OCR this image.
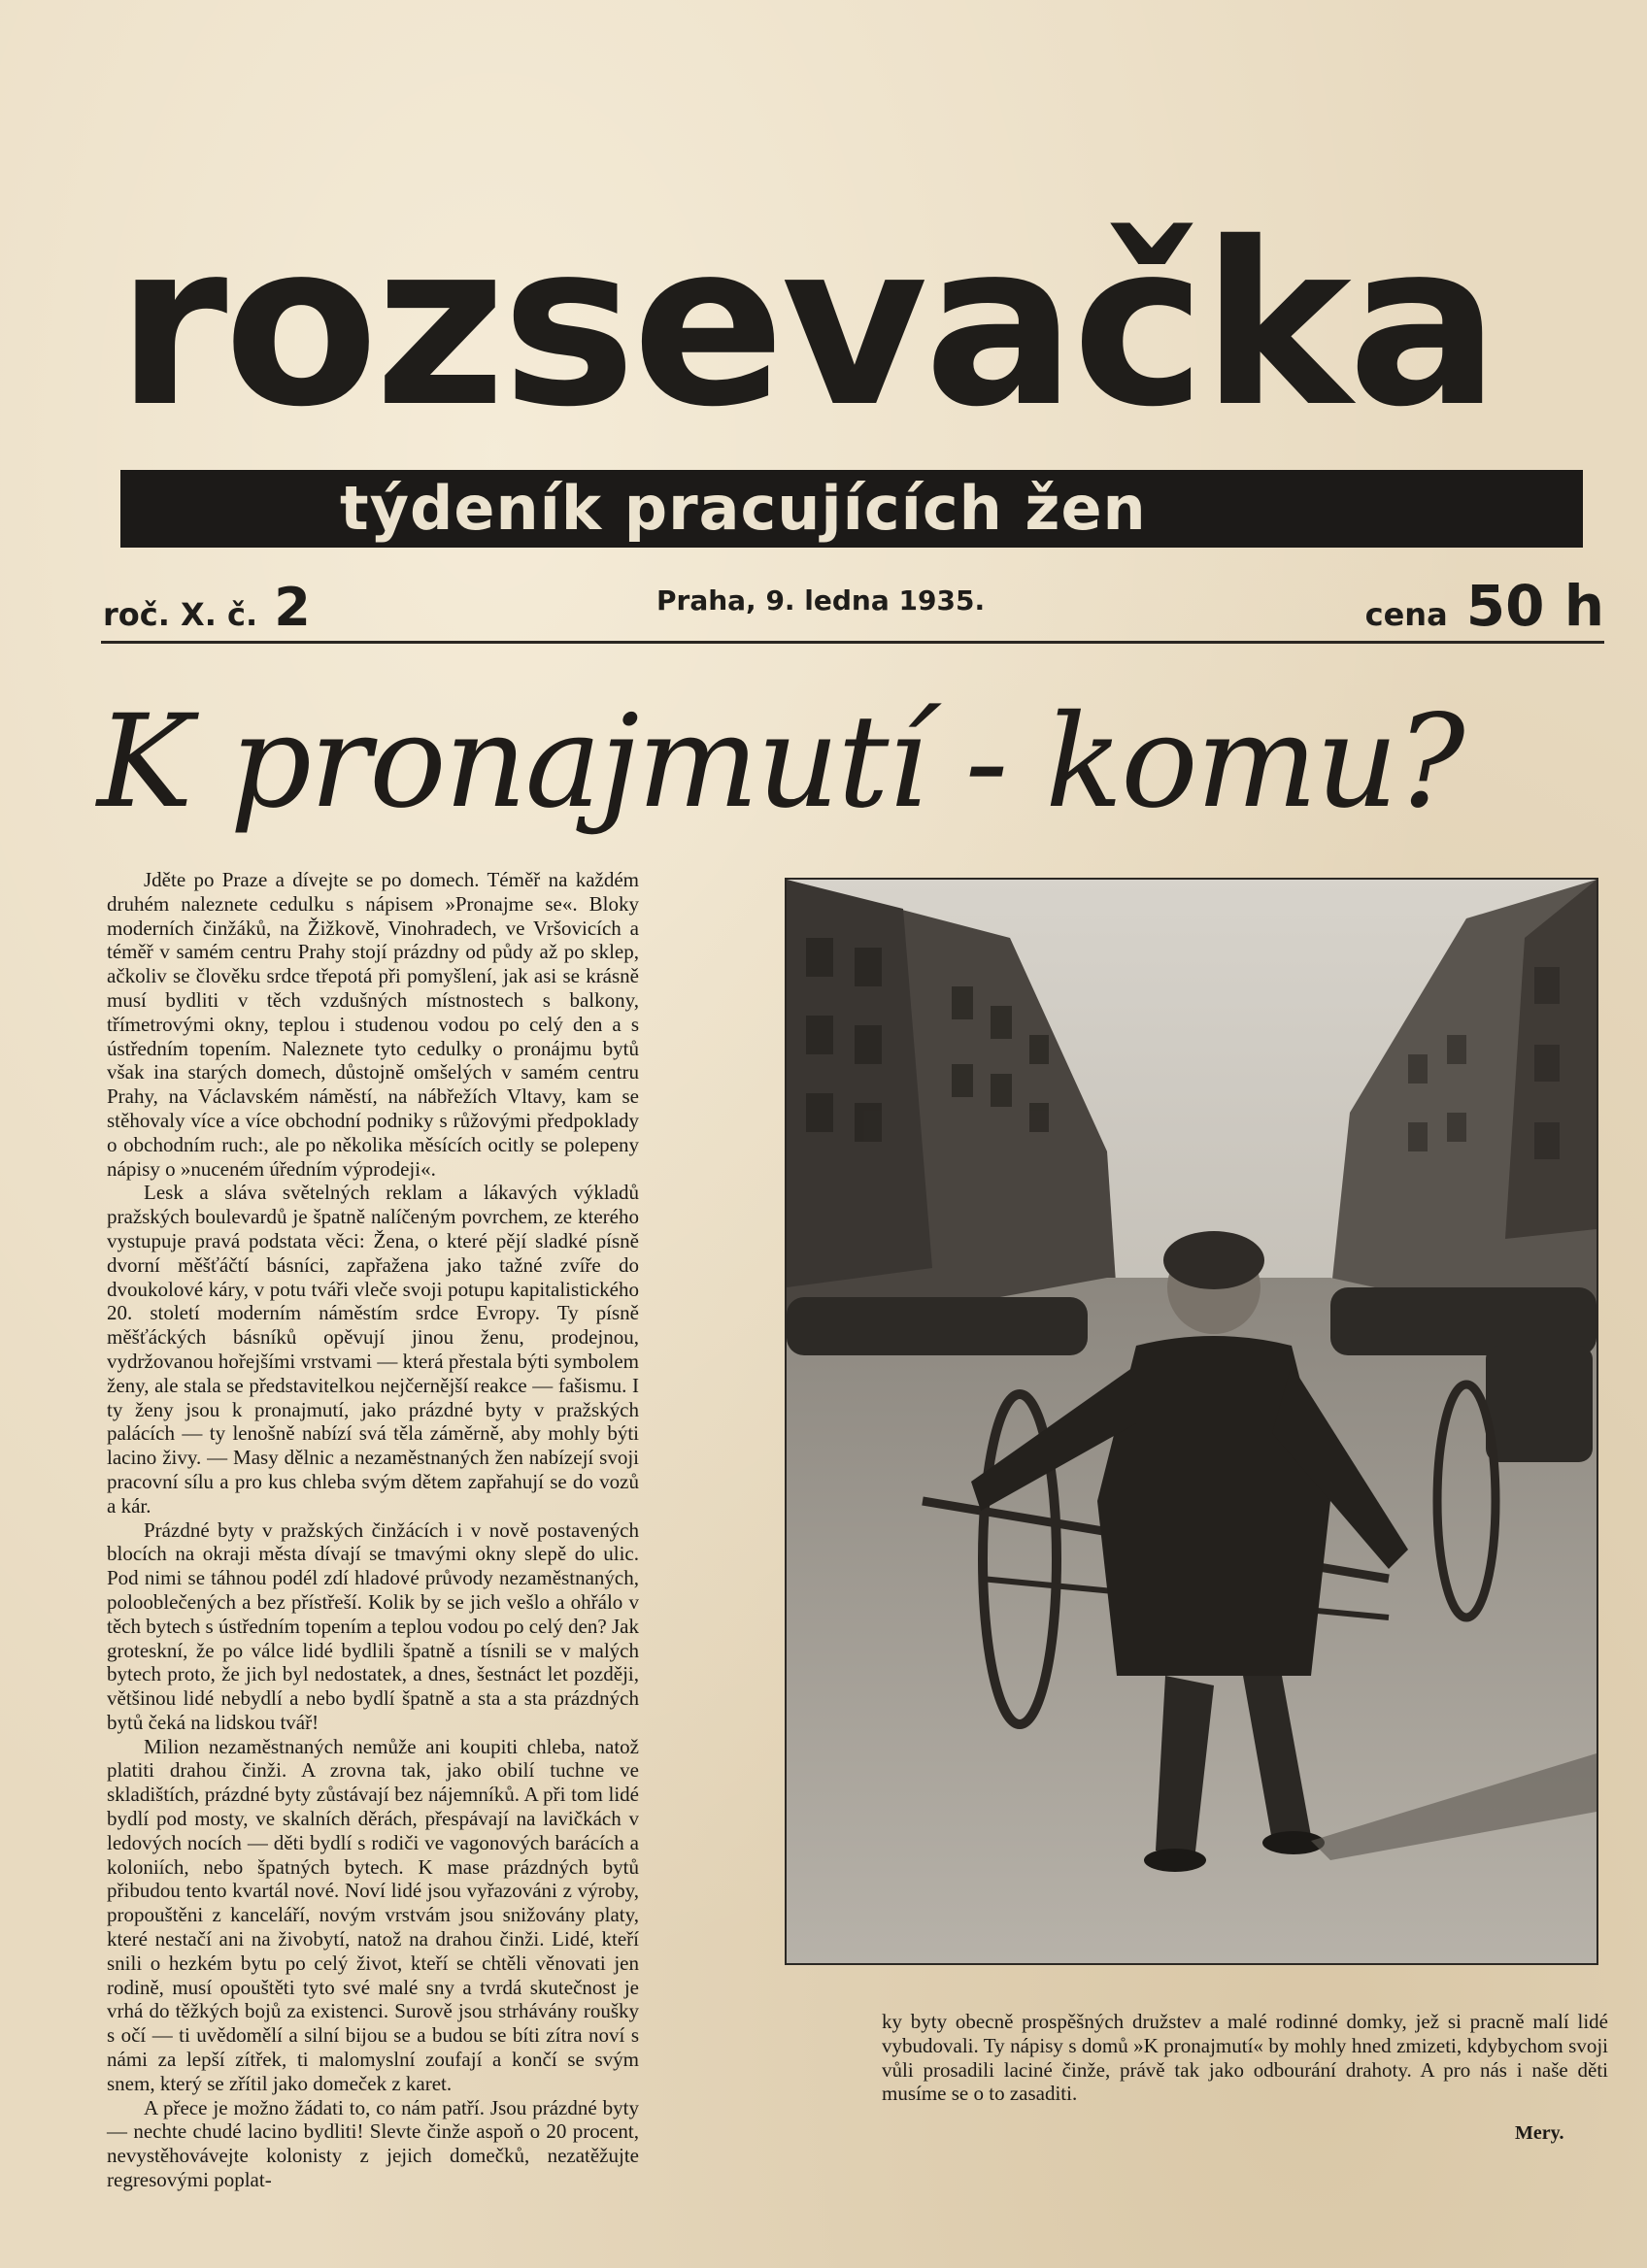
rozsevačka
týdeník pracujících žen
roč. X. č. 2	Praha, 9. ledna 1935.	cena 50 h
K pronajmutí - komu?

Jděte po Praze a dívejte se po domech. Téměř na každém druhém naleznete cedulku s nápisem »Pronajme se«. Bloky moderních činžáků, na Žižkově, Vinohradech, ve Vršovicích a téměř v samém centru Prahy stojí prázdny od půdy až po sklep, ačkoliv se člověku srdce třepotá při pomyšlení, jak asi se krásně musí bydliti v těch vzdušných místnostech s balkony, třímetrovými okny, teplou i studenou vodou po celý den a s ústředním topením. Naleznete tyto cedulky o pronájmu bytů však ina starých domech, důstojně omšelých v samém centru Prahy, na Václavském náměstí, na nábřežích Vltavy, kam se stěhovaly více a více obchodní podniky s růžovými předpoklady o obchodním ruch:, ale po několika měsících ocitly se polepeny nápisy o »nuceném úředním výprodeji«.

Lesk a sláva světelných reklam a lákavých výkladů pražských boulevardů je špatně nalíčeným povrchem, ze kterého vystupuje pravá podstata věci: Žena, o které pějí sladké písně dvorní měšťáčtí básníci, zapřažena jako tažné zvíře do dvoukolové káry, v potu tváři vleče svoji potupu kapitalistického 20. století moderním náměstím srdce Evropy. Ty písně měšťáckých básníků opěvují jinou ženu, prodejnou, vydržovanou hořejšími vrstvami — která přestala býti symbolem ženy, ale stala se představitelkou nejčernější reakce — fašismu. I ty ženy jsou k pronajmutí, jako prázdné byty v pražských palácích — ty lenošně nabízí svá těla záměrně, aby mohly býti lacino živy. — Masy dělnic a nezaměstnaných žen nabízejí svoji pracovní sílu a pro kus chleba svým dětem zapřahují se do vozů a kár.

Prázdné byty v pražských činžácích i v nově postavených blocích na okraji města dívají se tmavými okny slepě do ulic. Pod nimi se táhnou podél zdí hladové průvody nezaměstnaných, polooblečených a bez přístřeší. Kolik by se jich vešlo a ohřálo v těch bytech s ústředním topením a teplou vodou po celý den? Jak groteskní, že po válce lidé bydlili špatně a tísnili se v malých bytech proto, že jich byl nedostatek, a dnes, šestnáct let později, většinou lidé nebydlí a nebo bydlí špatně a sta a sta prázdných bytů čeká na lidskou tvář!

Milion nezaměstnaných nemůže ani koupiti chleba, natož platiti drahou činži. A zrovna tak, jako obilí tuchne ve skladištích, prázdné byty zůstávají bez nájemníků. A při tom lidé bydlí pod mosty, ve skalních děrách, přespávají na lavičkách v ledových nocích — děti bydlí s rodiči ve vagonových barácích a koloniích, nebo špatných bytech. K mase prázdných bytů přibudou tento kvartál nové. Noví lidé jsou vyřazováni z výroby, propouštěni z kanceláří, novým vrstvám jsou snižovány platy, které nestačí ani na živobytí, natož na drahou činži. Lidé, kteří snili o hezkém bytu po celý život, kteří se chtěli věnovati jen rodině, musí opouštěti tyto své malé sny a tvrdá skutečnost je vrhá do těžkých bojů za existenci. Surově jsou strhávány roušky s očí — ti uvědomělí a silní bijou se a budou se bíti zítra noví s námi za lepší zítřek, ti malomyslní zoufají a končí se svým snem, který se zřítil jako domeček z karet.

A přece je možno žádati to, co nám patří. Jsou prázdné byty — nechte chudé lacino bydliti! Slevte činže aspoň o 20 procent, nevystěhovávejte kolonisty z jejich domečků, nezatěžujte regresovými poplat-

ky byty obecně prospěšných družstev a malé rodinné domky, jež si pracně malí lidé vybudovali. Ty nápisy s domů »K pronajmutí« by mohly hned zmizeti, kdybychom svoji vůli prosadili laciné činže, právě tak jako odbourání drahoty. A pro nás i naše děti musíme se o to zasaditi.

Mery.
